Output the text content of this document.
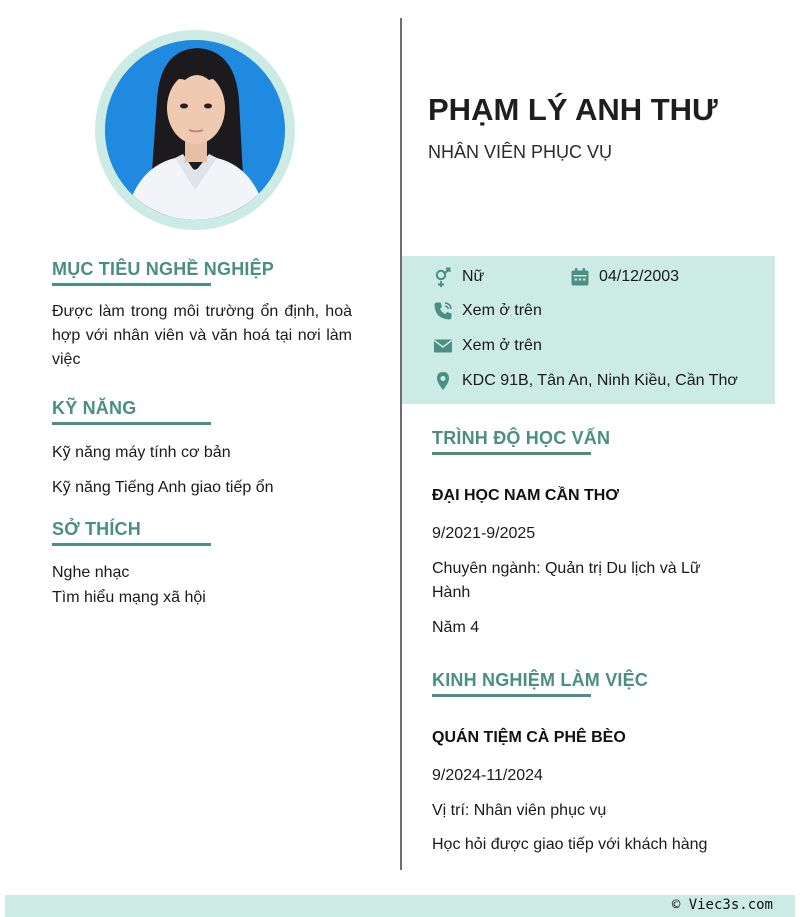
MỤC TIÊU NGHỀ NGHIỆP
Được làm trong môi trường ổn định, hoà hợp với nhân viên và văn hoá tại nơi làm việc
KỸ NĂNG
Kỹ năng máy tính cơ bản
Kỹ năng Tiếng Anh giao tiếp ổn
SỞ THÍCH
Nghe nhạc
Tìm hiểu mạng xã hội
PHẠM LÝ ANH THƯ
NHÂN VIÊN PHỤC VỤ
Nữ	04/12/2003
Xem ở trên
Xem ở trên
KDC 91B, Tân An, Ninh Kiều, Cần Thơ
TRÌNH ĐỘ HỌC VẤN
ĐẠI HỌC NAM CẦN THƠ
9/2021-9/2025
Chuyên ngành: Quản trị Du lịch và Lữ Hành
Năm 4
KINH NGHIỆM LÀM VIỆC
QUÁN TIỆM CÀ PHÊ BÈO
9/2024-11/2024
Vị trí: Nhân viên phục vụ
Học hỏi được giao tiếp với khách hàng
© Viec3s.com
